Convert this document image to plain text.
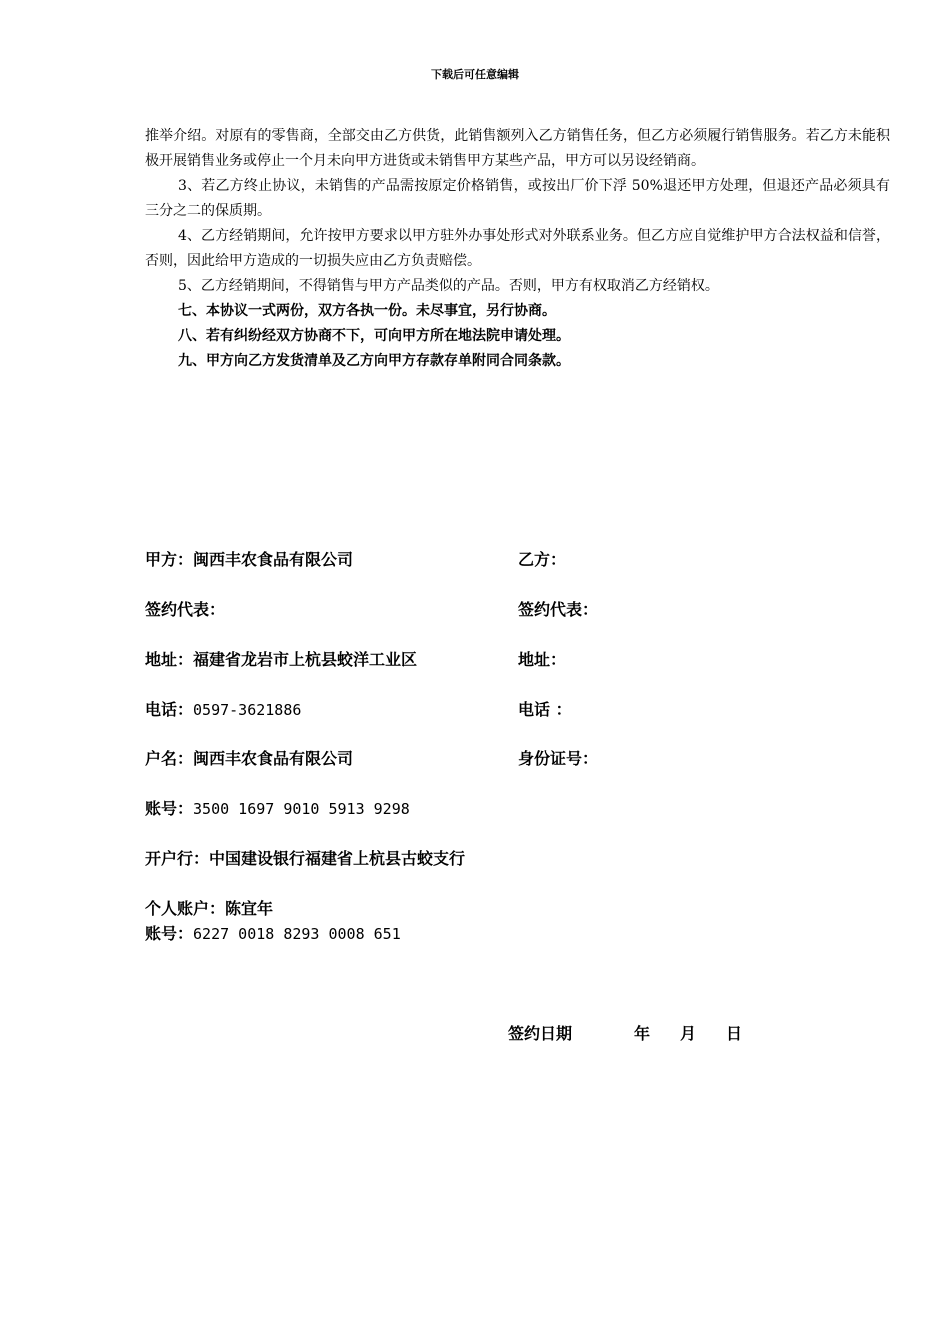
下载后可任意编辑

推举介绍。对原有的零售商，全部交由乙方供货，此销售额列入乙方销售任务，但乙方必须履行销售服务。若乙方未能积极开展销售业务或停止一个月未向甲方进货或未销售甲方某些产品，甲方可以另设经销商。

3、若乙方终止协议，未销售的产品需按原定价格销售，或按出厂价下浮 50%退还甲方处理，但退还产品必须具有三分之二的保质期。

4、乙方经销期间，允许按甲方要求以甲方驻外办事处形式对外联系业务。但乙方应自觉维护甲方合法权益和信誉，否则，因此给甲方造成的一切损失应由乙方负责赔偿。

5、乙方经销期间，不得销售与甲方产品类似的产品。否则，甲方有权取消乙方经销权。

七、本协议一式两份，双方各执一份。未尽事宜，另行协商。

八、若有纠纷经双方协商不下，可向甲方所在地法院申请处理。

九、甲方向乙方发货清单及乙方向甲方存款存单附同合同条款。

甲方：闽西丰农食品有限公司
签约代表：
地址：福建省龙岩市上杭县蛟洋工业区
电话：0597-3621886
户名：闽西丰农食品有限公司
账号：3500 1697 9010 5913 9298
开户行：中国建设银行福建省上杭县古蛟支行
个人账户：陈宜年
账号：6227 0018 8293 0008 651
乙方：
签约代表：
地址：
电话 ：
身份证号：
签约日期	年 月 日
